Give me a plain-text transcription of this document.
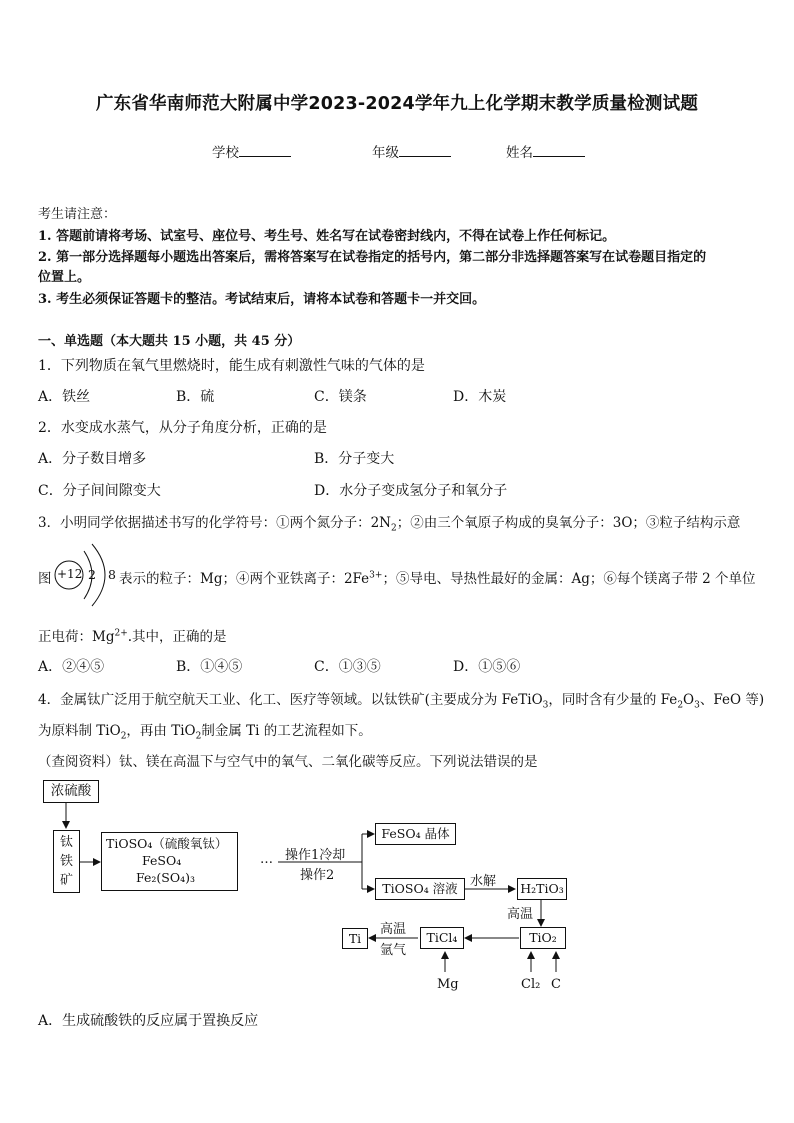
广东省华南师范大附属中学2023-2024学年九上化学期末教学质量检测试题
学校	年级	姓名
考生请注意：
1. 答题前请将考场、试室号、座位号、考生号、姓名写在试卷密封线内，不得在试卷上作任何标记。
2. 第一部分选择题每小题选出答案后，需将答案写在试卷指定的括号内，第二部分非选择题答案写在试卷题目指定的
位置上。
3. 考生必须保证答题卡的整洁。考试结束后，请将本试卷和答题卡一并交回。
一、单选题（本大题共 15 小题，共 45 分）
1．下列物质在氧气里燃烧时，能生成有刺激性气味的气体的是
A．铁丝	B．硫	C．镁条	D．木炭
2．水变成水蒸气，从分子角度分析，正确的是
A．分子数目增多	B．分子变大
C．分子间间隙变大	D．水分子变成氢分子和氧分子
3．小明同学依据描述书写的化学符号：①两个氮分子：$2N_2$；②由三个氧原子构成的臭氧分子：3O；③粒子结构示意
图 +12 2 8 表示的粒子：Mg；④两个亚铁离子：$2Fe^{3+}$；⑤导电、导热性最好的金属：Ag；⑥每个镁离子带 2 个单位
正电荷：$Mg^{2+}$.其中，正确的是
A．②④⑤	B．①④⑤	C．①③⑤	D．①⑤⑥
4．金属钛广泛用于航空航天工业、化工、医疗等领域。以钛铁矿(主要成分为 FeTiO$_3$，同时含有少量的 $Fe_2O_3$、FeO 等)
为原料制 TiO$_2$，再由 TiO$_2$制金属 Ti 的工艺流程如下。
（查阅资料）钛、镁在高温下与空气中的氧气、二氧化碳等反应。下列说法错误的是
浓硫酸
钛
铁
矿
TiOSO₄（硫酸氧钛）
FeSO₄
Fe₂(SO₄)₃
… 操作1冷却
操作2
FeSO₄ 晶体
TiOSO₄ 溶液 水解 H₂TiO₃
高温
TiO₂
TiCl₄
高温
氩气
Ti
Mg	Cl₂ C
A．生成硫酸铁的反应属于置换反应
